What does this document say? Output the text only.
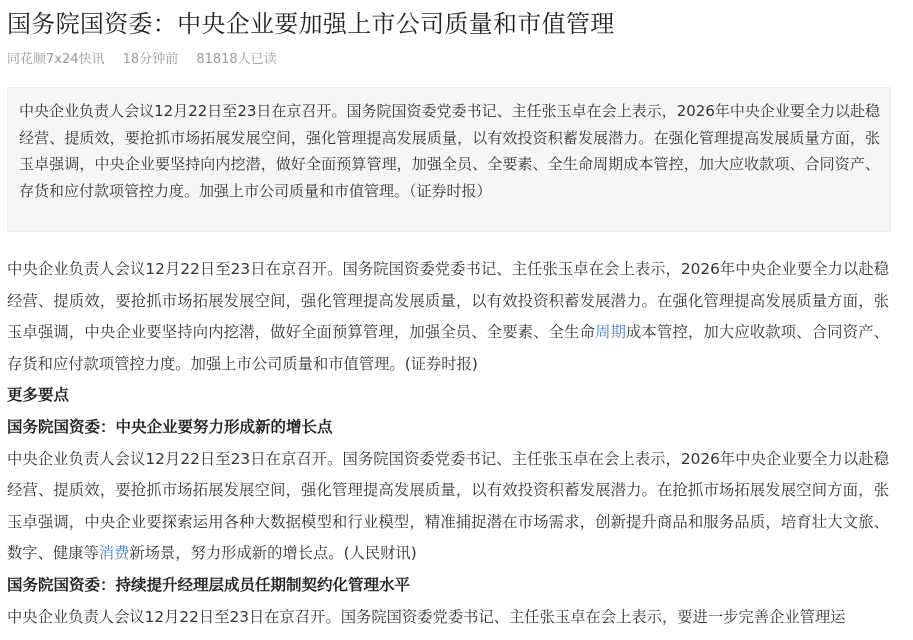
国务院国资委：中央企业要加强上市公司质量和市值管理
同花顺7x24快讯 18分钟前 81818人已读

中央企业负责人会议12月22日至23日在京召开。国务院国资委党委书记、主任张玉卓在会上表示，2026年中央企业要全力以赴稳经营、提质效，要抢抓市场拓展发展空间，强化管理提高发展质量，以有效投资积蓄发展潜力。在强化管理提高发展质量方面，张玉卓强调，中央企业要坚持向内挖潜，做好全面预算管理，加强全员、全要素、全生命周期成本管控，加大应收款项、合同资产、存货和应付款项管控力度。加强上市公司质量和市值管理。（证券时报）

中央企业负责人会议12月22日至23日在京召开。国务院国资委党委书记、主任张玉卓在会上表示，2026年中央企业要全力以赴稳经营、提质效，要抢抓市场拓展发展空间，强化管理提高发展质量，以有效投资积蓄发展潜力。在强化管理提高发展质量方面，张玉卓强调，中央企业要坚持向内挖潜，做好全面预算管理，加强全员、全要素、全生命周期成本管控，加大应收款项、合同资产、存货和应付款项管控力度。加强上市公司质量和市值管理。(证券时报)

更多要点

国务院国资委：中央企业要努力形成新的增长点

中央企业负责人会议12月22日至23日在京召开。国务院国资委党委书记、主任张玉卓在会上表示，2026年中央企业要全力以赴稳经营、提质效，要抢抓市场拓展发展空间，强化管理提高发展质量，以有效投资积蓄发展潜力。在抢抓市场拓展发展空间方面，张玉卓强调，中央企业要探索运用各种大数据模型和行业模型，精准捕捉潜在市场需求，创新提升商品和服务品质，培育壮大文旅、数字、健康等消费新场景，努力形成新的增长点。(人民财讯)

国务院国资委：持续提升经理层成员任期制契约化管理水平

中央企业负责人会议12月22日至23日在京召开。国务院国资委党委书记、主任张玉卓在会上表示，要进一步完善企业管理运
